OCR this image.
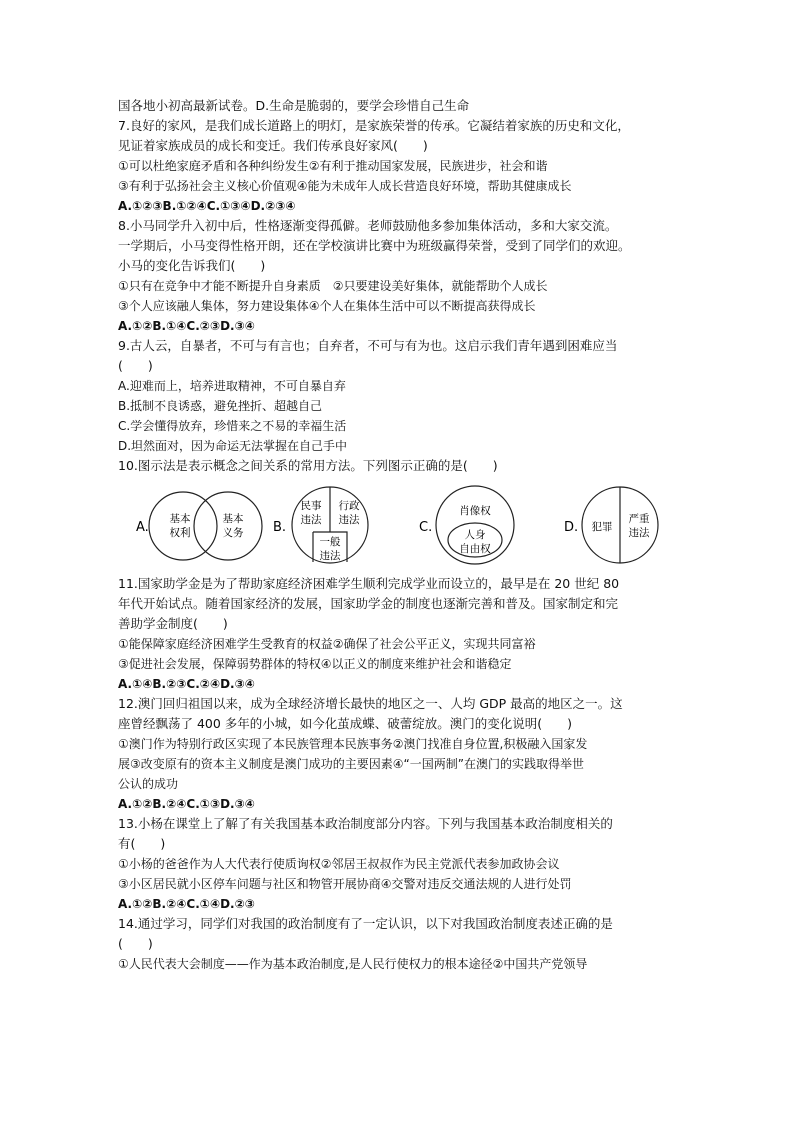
国各地小初高最新试卷。D.生命是脆弱的，要学会珍惜自己生命
7.良好的家风，是我们成长道路上的明灯，是家族荣誉的传承。它凝结着家族的历史和文化，
见证着家族成员的成长和变迁。我们传承良好家风(　　)
①可以杜绝家庭矛盾和各种纠纷发生②有利于推动国家发展，民族进步，社会和谐
③有利于弘扬社会主义核心价值观④能为未成年人成长营造良好环境，帮助其健康成长
A.①②③B.①②④C.①③④D.②③④
8.小马同学升入初中后，性格逐渐变得孤僻。老师鼓励他多参加集体活动，多和大家交流。
一学期后，小马变得性格开朗，还在学校演讲比赛中为班级赢得荣誉，受到了同学们的欢迎。
小马的变化告诉我们(　　)
①只有在竞争中才能不断提升自身素质　②只要建设美好集体，就能帮助个人成长
③个人应该融人集体，努力建设集体④个人在集体生活中可以不断提高获得成长
A.①②B.①④C.②③D.③④
9.古人云，自暴者，不可与有言也；自弃者，不可与有为也。这启示我们青年遇到困难应当
(　　)
A.迎难而上，培养进取精神，不可自暴自弃
B.抵制不良诱惑，避免挫折、超越自己
C.学会懂得放弃，珍惜来之不易的幸福生活
D.坦然面对，因为命运无法掌握在自己手中
10.图示法是表示概念之间关系的常用方法。下列图示正确的是(　　)
A.
基本
权利
基本
义务 B.
民事
违法
行政
违法
一般
违法
C.
肖像权
人身
自由权
D. 犯罪
严重
违法
11.国家助学金是为了帮助家庭经济困难学生顺利完成学业而设立的，最早是在 20 世纪 80
年代开始试点。随着国家经济的发展，国家助学金的制度也逐渐完善和普及。国家制定和完
善助学金制度(　　)
①能保障家庭经济困难学生受教育的权益②确保了社会公平正义，实现共同富裕
③促进社会发展，保障弱势群体的特权④以正义的制度来维护社会和谐稳定
A.①④B.②③C.②④D.③④
12.澳门回归祖国以来，成为全球经济增长最快的地区之一、人均 GDP 最高的地区之一。这
座曾经飘荡了 400 多年的小城，如今化茧成蝶、破蕾绽放。澳门的变化说明(　　)
①澳门作为特别行政区实现了本民族管理本民族事务②澳门找准自身位置,积极融入国家发
展③改变原有的资本主义制度是澳门成功的主要因素④“一国两制”在澳门的实践取得举世
公认的成功
A.①②B.②④C.①③D.③④
13.小杨在课堂上了解了有关我国基本政治制度部分内容。下列与我国基本政治制度相关的
有(　　)
①小杨的爸爸作为人大代表行使质询权②邻居王叔叔作为民主党派代表参加政协会议
③小区居民就小区停车问题与社区和物管开展协商④交警对违反交通法规的人进行处罚
A.①②B.②④C.①④D.②③
14.通过学习，同学们对我国的政治制度有了一定认识，以下对我国政治制度表述正确的是
(　　)
①人民代表大会制度——作为基本政治制度,是人民行使权力的根本途径②中国共产党领导
